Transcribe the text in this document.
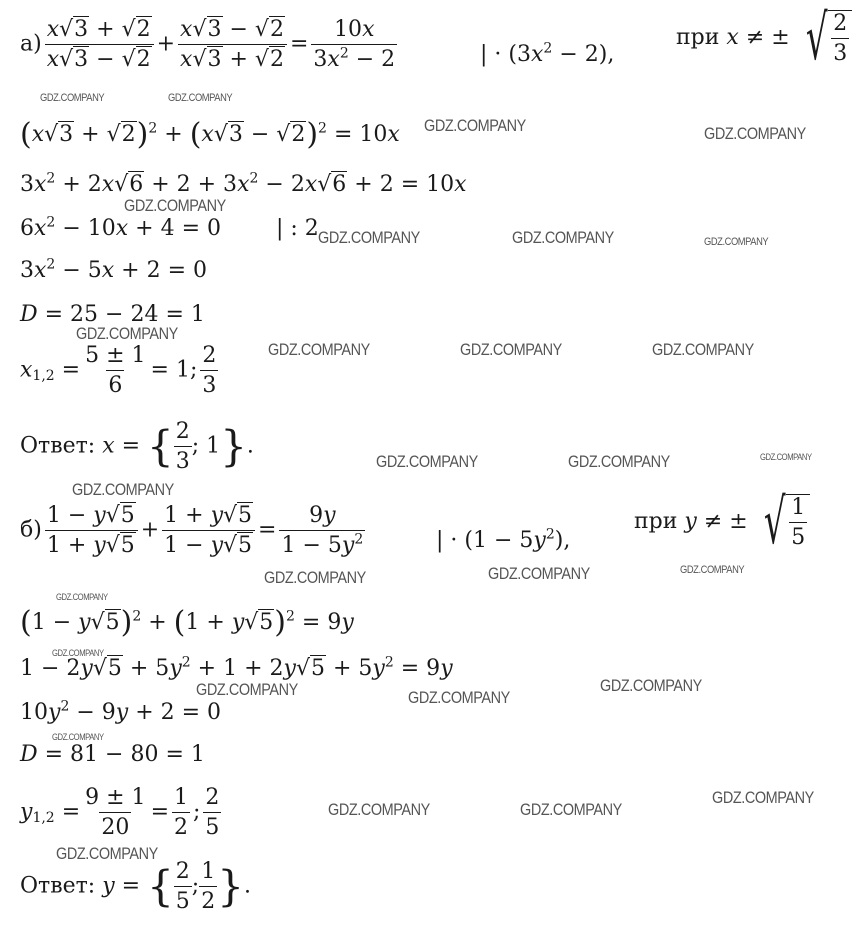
$а) \frac{x√3 + √2}{x√3 - √2} + \frac{x√3 - √2}{x√3 + √2} = \frac{10x}{3x^2 - 2}$	| · $(3x^2 - 2)$,
при x ≠ ± √ $\frac{2}{3}$
$(x√3 + √2)^2 + (x√3 - √2)^2 = 10x$
$3x^2 + 2x√6 + 2 + 3x^2 - 2x√6 + 2 = 10x$
$6x^2 - 10x + 4 = 0$ | : 2
$3x^2 - 5x + 2 = 0$
D = 25 − 24 = 1
$x_{1,2} = \frac{5 \pm 1}{6} = 1$; $\frac{2}{3}$
Ответ: x = { $\frac{2}{3}$ ; 1}.
$б) \frac{1 - y√5}{1 + y√5} + \frac{1 + y√5}{1 - y√5} = \frac{9y}{1 - 5y^2}$	| · $(1 - 5y^2)$,
при y ≠ ± √ $\frac{1}{5}$
$(1 - y√5)^2 + (1 + y√5)^2 = 9y$
$1 - 2y√5 + 5y^2 + 1 + 2y√5 + 5y^2 = 9y$
$10y^2 - 9y + 2 = 0$
D = 81 − 80 = 1
$y_{1,2} = \frac{9 \pm 1}{20} = \frac{1}{2}$ ; $\frac{2}{5}$
Ответ: y = { $\frac{2}{5}$ ; $\frac{1}{2}$ }.
GDZ.COMPANY	GDZ.COMPANY
GDZ.COMPANY	GDZ.COMPANY
GDZ.COMPANY
GDZ.COMPANY	GDZ.COMPANY	GDZ.COMPANY
GDZ.COMPANY
GDZ.COMPANY	GDZ.COMPANY	GDZ.COMPANY
GDZ.COMPANY	GDZ.COMPANY	GDZ.COMPANY
GDZ.COMPANY
GDZ.COMPANY	GDZ.COMPANY	GDZ.COMPANY
GDZ.COMPANY
GDZ.COMPANY
GDZ.COMPANY	GDZ.COMPANY
GDZ.COMPANY
GDZ.COMPANY
GDZ.COMPANY	GDZ.COMPANY
GDZ.COMPANY
GDZ.COMPANY
